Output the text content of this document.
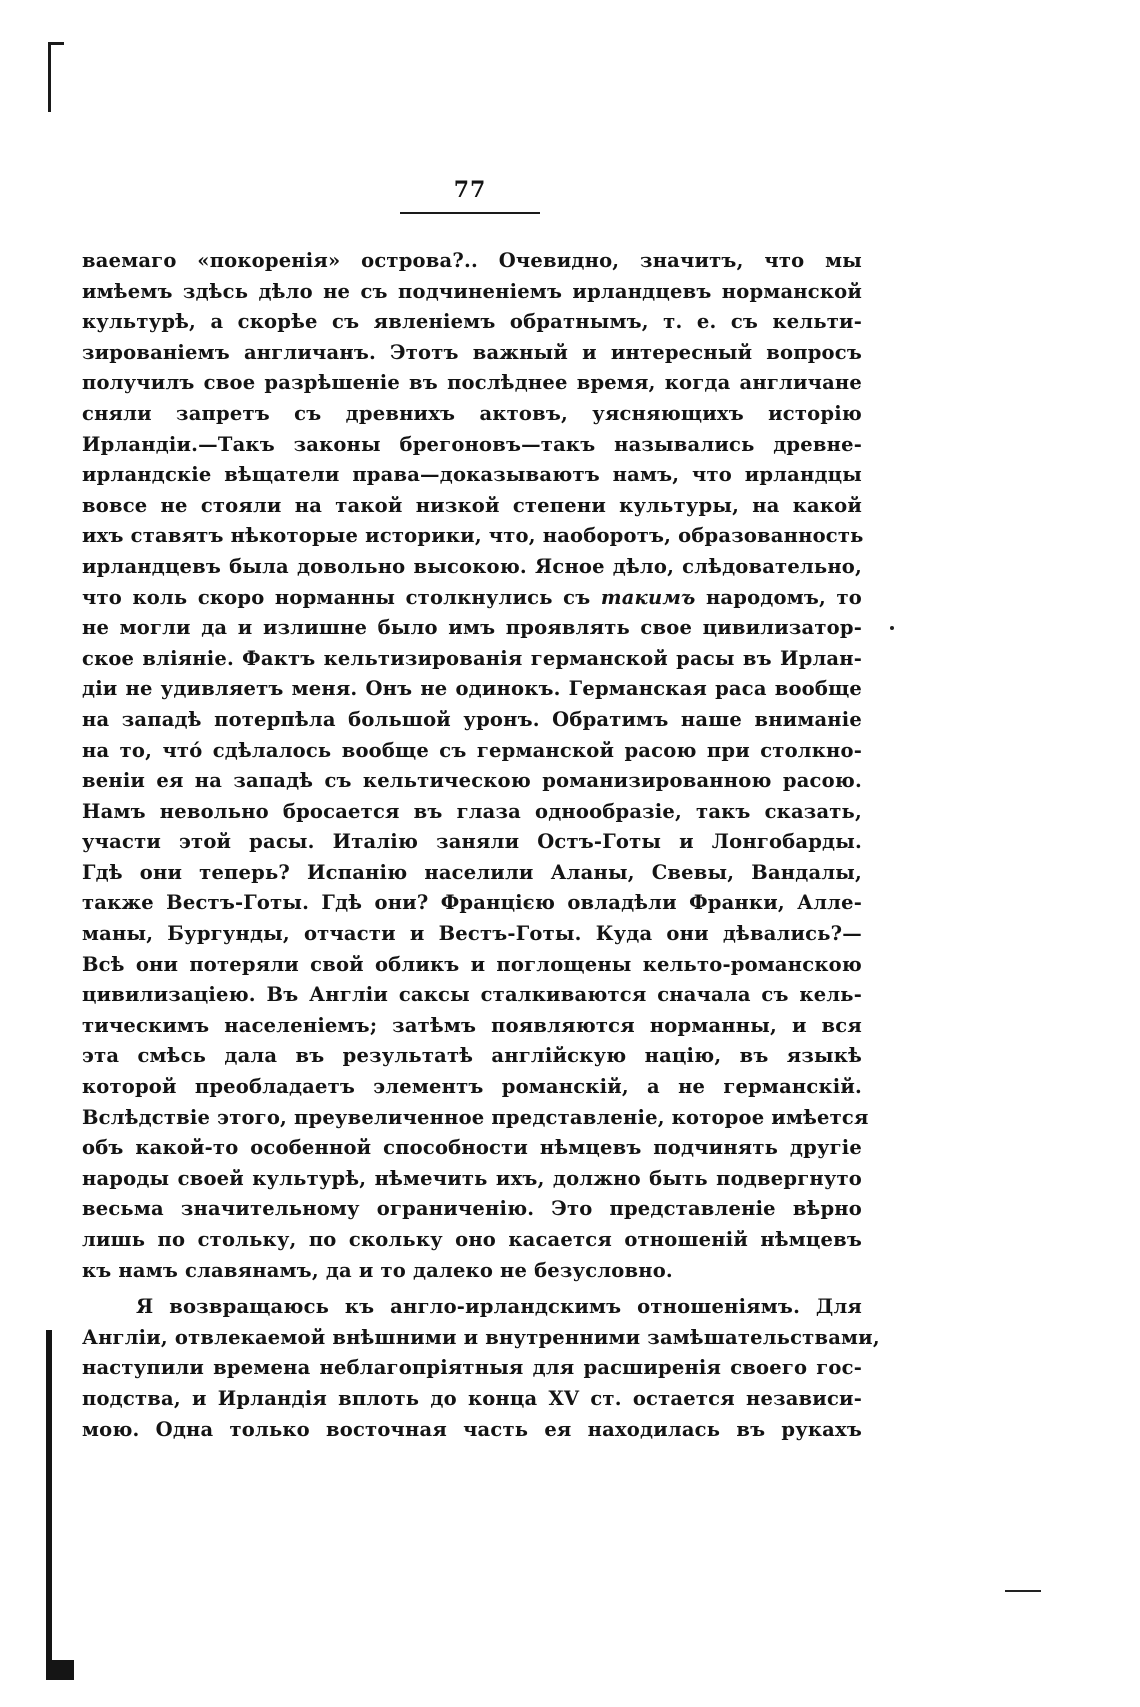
77
ваемаго «покоренія» острова?.. Очевидно, значитъ, что мы
имѣемъ здѣсь дѣло не съ подчиненіемъ ирландцевъ норманской
культурѣ, а скорѣе съ явленіемъ обратнымъ, т. е. съ кельти-
зированіемъ англичанъ. Этотъ важный и интересный вопросъ
получилъ свое разрѣшеніе въ послѣднее время, когда англичане
сняли запретъ съ древнихъ актовъ, уясняющихъ исторію
Ирландіи.—Такъ законы брегоновъ—такъ назывались древне-
ирландскіе вѣщатели права—доказываютъ намъ, что ирландцы
вовсе не стояли на такой низкой степени культуры, на какой
ихъ ставятъ нѣкоторые историки, что, наоборотъ, образованность
ирландцевъ была довольно высокою. Ясное дѣло, слѣдовательно,
что коль скоро норманны столкнулись съ такимъ народомъ, то
не могли да и излишне было имъ проявлять свое цивилизатор-
ское вліяніе. Фактъ кельтизированія германской расы въ Ирлан-
діи не удивляетъ меня. Онъ не одинокъ. Германская раса вообще
на западѣ потерпѣла большой уронъ. Обратимъ наше вниманіе
на то, что́ сдѣлалось вообще съ германской расою при столкно-
веніи ея на западѣ съ кельтическою романизированною расою.
Намъ невольно бросается въ глаза однообразіе, такъ сказать,
участи этой расы. Италію заняли Остъ-Готы и Лонгобарды.
Гдѣ они теперь? Испанію населили Аланы, Свевы, Вандалы,
также Вестъ-Готы. Гдѣ они? Францією овладѣли Франки, Алле-
маны, Бургунды, отчасти и Вестъ-Готы. Куда они дѣвались?—
Всѣ они потеряли свой обликъ и поглощены кельто-романскою
цивилизаціею. Въ Англіи саксы сталкиваются сначала съ кель-
тическимъ населеніемъ; затѣмъ появляются норманны, и вся
эта смѣсь дала въ результатѣ англійскую націю, въ языкѣ
которой преобладаетъ элементъ романскій, а не германскій.
Вслѣдствіе этого, преувеличенное представленіе, которое имѣется
объ какой-то особенной способности нѣмцевъ подчинять другіе
народы своей культурѣ, нѣмечить ихъ, должно быть подвергнуто
весьма значительному ограниченію. Это представленіе вѣрно
лишь по стольку, по скольку оно касается отношеній нѣмцевъ
къ намъ славянамъ, да и то далеко не безусловно.
Я возвращаюсь къ англо-ирландскимъ отношеніямъ. Для
Англіи, отвлекаемой внѣшними и внутренними замѣшательствами,
наступили времена неблагопріятныя для расширенія своего гос-
подства, и Ирландія вплоть до конца XV ст. остается независи-
мою. Одна только восточная часть ея находилась въ рукахъ
